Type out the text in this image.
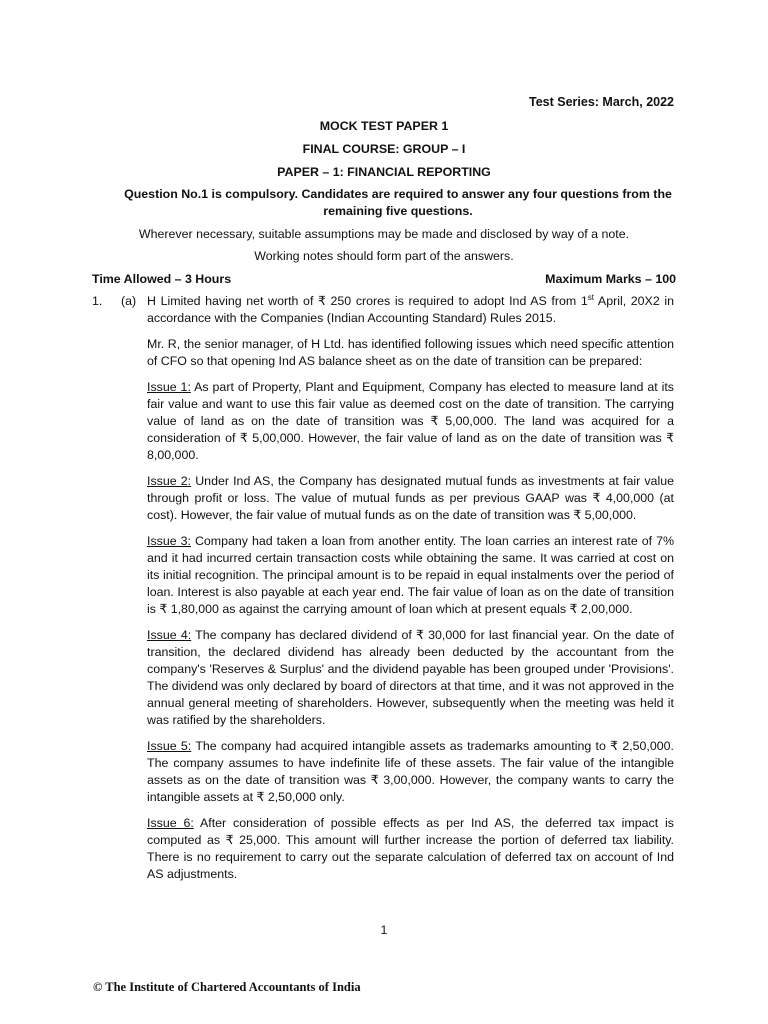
Test Series: March, 2022
MOCK TEST PAPER 1
FINAL COURSE: GROUP – I
PAPER – 1: FINANCIAL REPORTING
Question No.1 is compulsory. Candidates are required to answer any four questions from the remaining five questions.
Wherever necessary, suitable assumptions may be made and disclosed by way of a note.
Working notes should form part of the answers.
Time Allowed – 3 Hours	Maximum Marks – 100
1. (a) H Limited having net worth of ₹ 250 crores is required to adopt Ind AS from 1st April, 20X2 in accordance with the Companies (Indian Accounting Standard) Rules 2015.

Mr. R, the senior manager, of H Ltd. has identified following issues which need specific attention of CFO so that opening Ind AS balance sheet as on the date of transition can be prepared:

Issue 1: As part of Property, Plant and Equipment, Company has elected to measure land at its fair value and want to use this fair value as deemed cost on the date of transition. The carrying value of land as on the date of transition was ₹ 5,00,000. The land was acquired for a consideration of ₹ 5,00,000. However, the fair value of land as on the date of transition was ₹ 8,00,000.

Issue 2: Under Ind AS, the Company has designated mutual funds as investments at fair value through profit or loss. The value of mutual funds as per previous GAAP was ₹ 4,00,000 (at cost). However, the fair value of mutual funds as on the date of transition was ₹ 5,00,000.

Issue 3: Company had taken a loan from another entity. The loan carries an interest rate of 7% and it had incurred certain transaction costs while obtaining the same. It was carried at cost on its initial recognition. The principal amount is to be repaid in equal instalments over the period of loan. Interest is also payable at each year end. The fair value of loan as on the date of transition is ₹ 1,80,000 as against the carrying amount of loan which at present equals ₹ 2,00,000.

Issue 4: The company has declared dividend of ₹ 30,000 for last financial year. On the date of transition, the declared dividend has already been deducted by the accountant from the company's 'Reserves & Surplus' and the dividend payable has been grouped under 'Provisions'. The dividend was only declared by board of directors at that time, and it was not approved in the annual general meeting of shareholders. However, subsequently when the meeting was held it was ratified by the shareholders.

Issue 5: The company had acquired intangible assets as trademarks amounting to ₹ 2,50,000. The company assumes to have indefinite life of these assets. The fair value of the intangible assets as on the date of transition was ₹ 3,00,000. However, the company wants to carry the intangible assets at ₹ 2,50,000 only.

Issue 6: After consideration of possible effects as per Ind AS, the deferred tax impact is computed as ₹ 25,000. This amount will further increase the portion of deferred tax liability. There is no requirement to carry out the separate calculation of deferred tax on account of Ind AS adjustments.

1
© The Institute of Chartered Accountants of India
